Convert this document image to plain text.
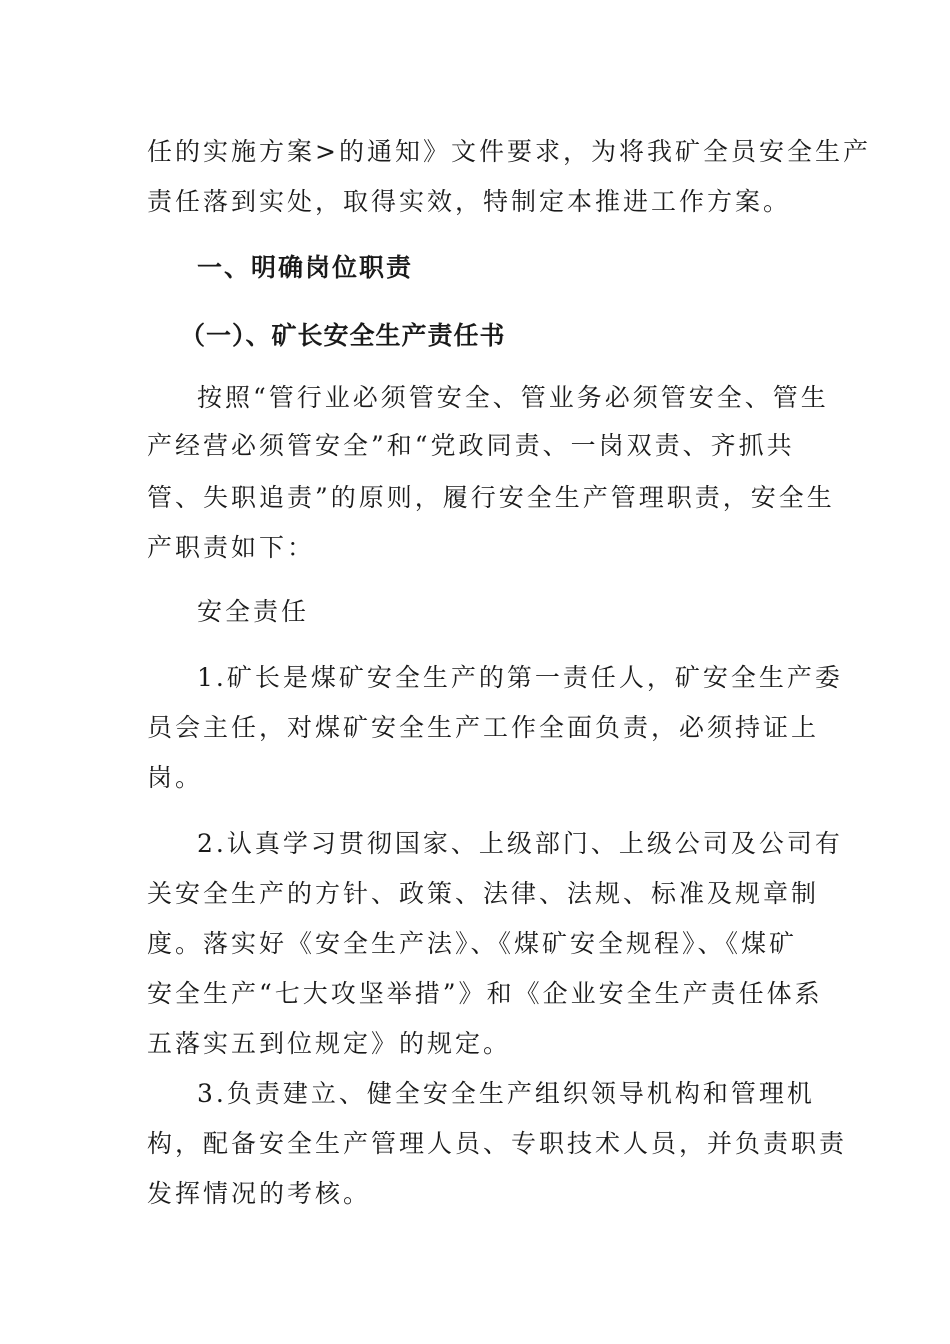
任的实施方案>的通知》文件要求，为将我矿全员安全生产
责任落到实处，取得实效，特制定本推进工作方案。
一、明确岗位职责
（一）、矿长安全生产责任书
按照“管行业必须管安全、管业务必须管安全、管生
产经营必须管安全”和“党政同责、一岗双责、齐抓共
管、失职追责”的原则，履行安全生产管理职责，安全生
产职责如下：
安全责任
1.矿长是煤矿安全生产的第一责任人，矿安全生产委
员会主任，对煤矿安全生产工作全面负责，必须持证上
岗。
2.认真学习贯彻国家、上级部门、上级公司及公司有
关安全生产的方针、政策、法律、法规、标准及规章制
度。落实好《安全生产法》、《煤矿安全规程》、《煤矿
安全生产“七大攻坚举措”》和《企业安全生产责任体系
五落实五到位规定》的规定。
3.负责建立、健全安全生产组织领导机构和管理机
构，配备安全生产管理人员、专职技术人员，并负责职责
发挥情况的考核。
